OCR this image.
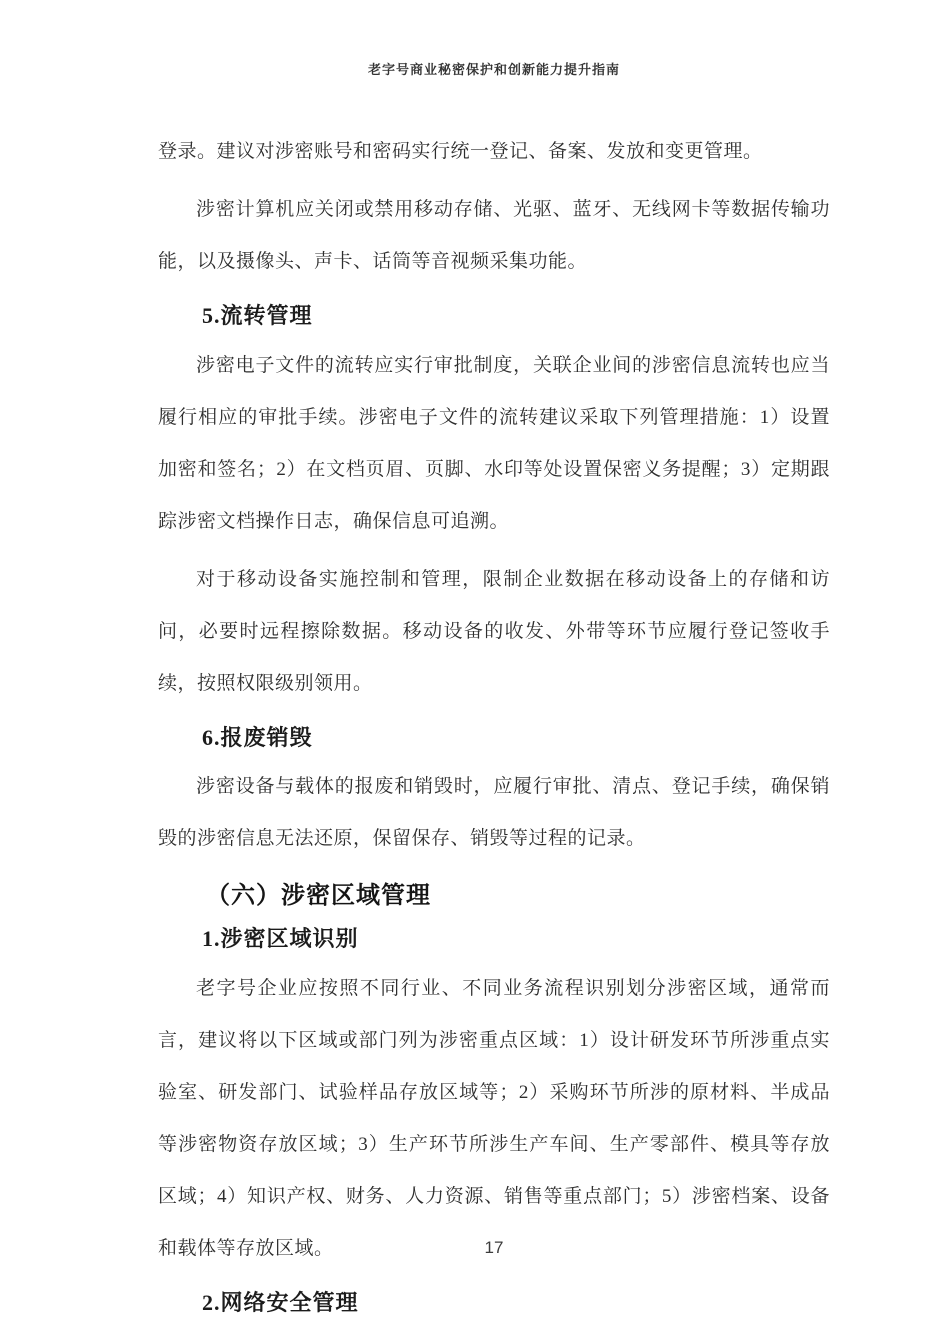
老字号商业秘密保护和创新能力提升指南

登录。建议对涉密账号和密码实行统一登记、备案、发放和变更管理。

涉密计算机应关闭或禁用移动存储、光驱、蓝牙、无线网卡等数据传输功能，以及摄像头、声卡、话筒等音视频采集功能。

5.流转管理

涉密电子文件的流转应实行审批制度，关联企业间的涉密信息流转也应当履行相应的审批手续。涉密电子文件的流转建议采取下列管理措施：1）设置加密和签名；2）在文档页眉、页脚、水印等处设置保密义务提醒；3）定期跟踪涉密文档操作日志，确保信息可追溯。

对于移动设备实施控制和管理，限制企业数据在移动设备上的存储和访问，必要时远程擦除数据。移动设备的收发、外带等环节应履行登记签收手续，按照权限级别领用。

6.报废销毁

涉密设备与载体的报废和销毁时，应履行审批、清点、登记手续，确保销毁的涉密信息无法还原，保留保存、销毁等过程的记录。

（六）涉密区域管理
1.涉密区域识别

老字号企业应按照不同行业、不同业务流程识别划分涉密区域，通常而言，建议将以下区域或部门列为涉密重点区域：1）设计研发环节所涉重点实验室、研发部门、试验样品存放区域等；2）采购环节所涉的原材料、半成品等涉密物资存放区域；3）生产环节所涉生产车间、生产零部件、模具等存放区域；4）知识产权、财务、人力资源、销售等重点部门；5）涉密档案、设备和载体等存放区域。

2.网络安全管理
17
